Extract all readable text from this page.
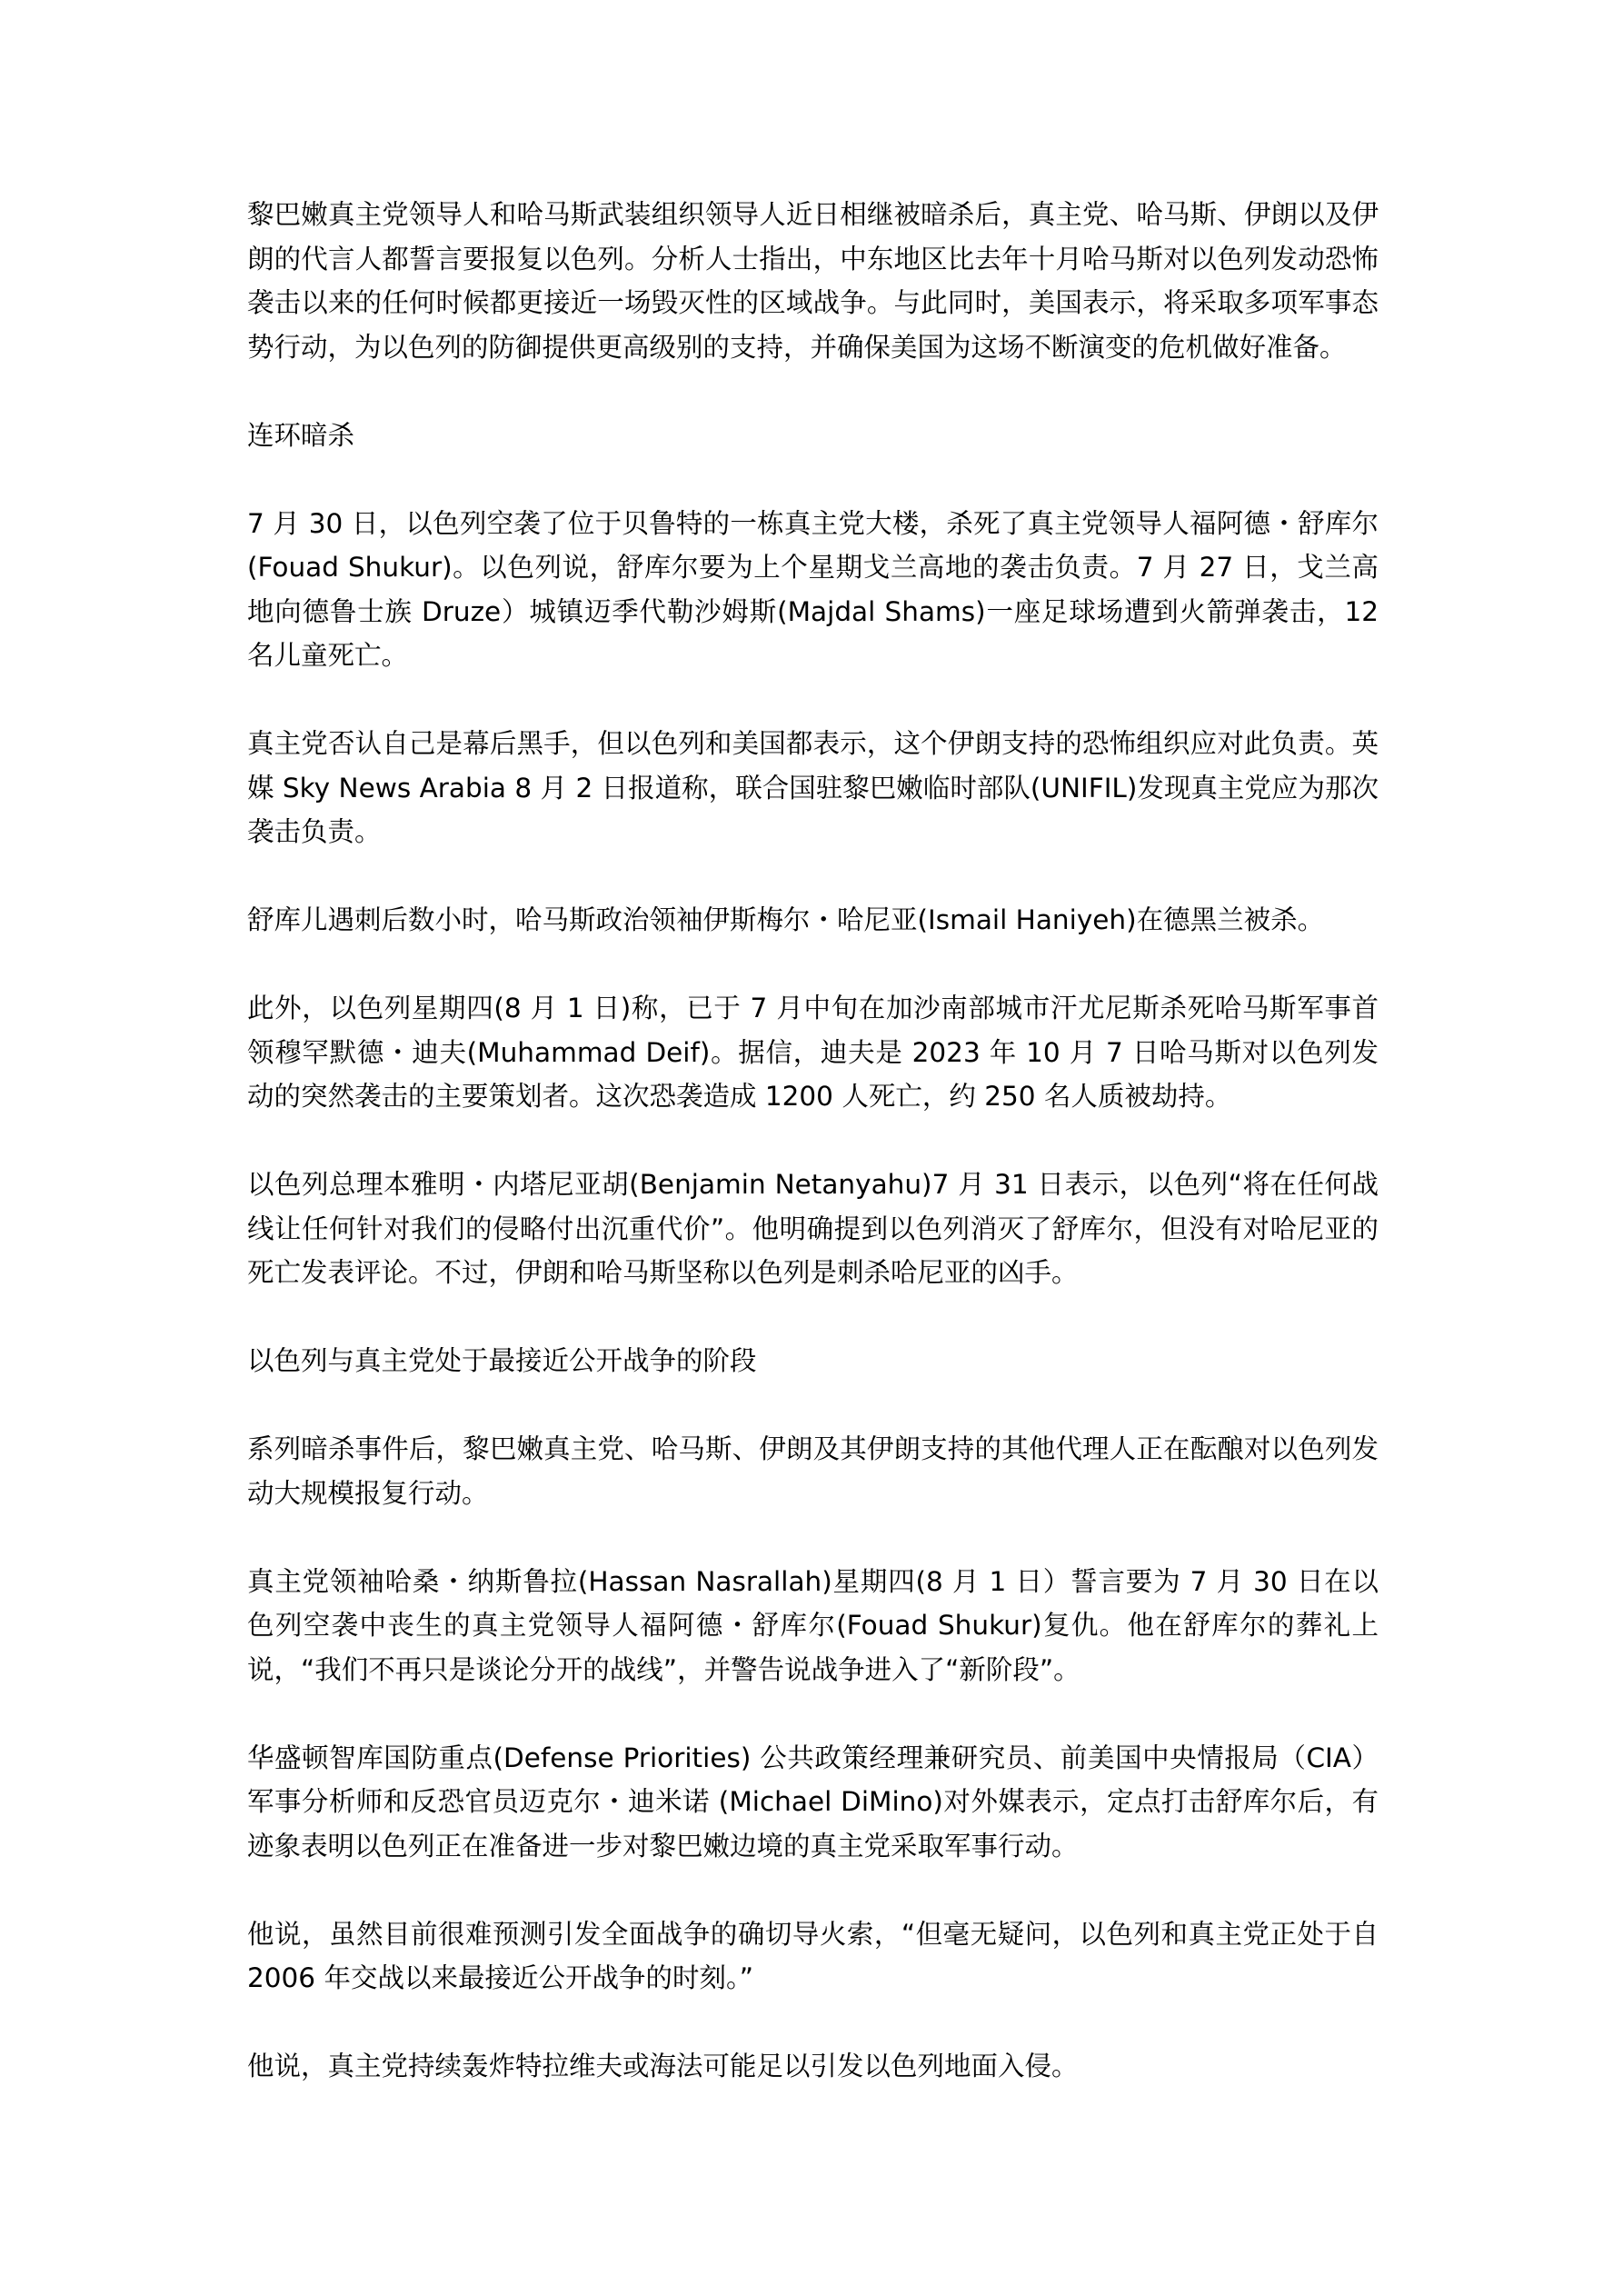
黎巴嫩真主党领导人和哈马斯武装组织领导人近日相继被暗杀后，真主党、哈马斯、伊朗以及伊朗的代言人都誓言要报复以色列。分析人士指出，中东地区比去年十月哈马斯对以色列发动恐怖袭击以来的任何时候都更接近一场毁灭性的区域战争。与此同时，美国表示，将采取多项军事态势行动，为以色列的防御提供更高级别的支持，并确保美国为这场不断演变的危机做好准备。

连环暗杀

7 月 30 日，以色列空袭了位于贝鲁特的一栋真主党大楼，杀死了真主党领导人福阿德・舒库尔(Fouad Shukur)。以色列说，舒库尔要为上个星期戈兰高地的袭击负责。7 月 27 日，戈兰高地向德鲁士族 Druze）城镇迈季代勒沙姆斯(Majdal Shams)一座足球场遭到火箭弹袭击，12 名儿童死亡。

真主党否认自己是幕后黑手，但以色列和美国都表示，这个伊朗支持的恐怖组织应对此负责。英媒 Sky News Arabia 8 月 2 日报道称，联合国驻黎巴嫩临时部队(UNIFIL)发现真主党应为那次袭击负责。

舒库儿遇刺后数小时，哈马斯政治领袖伊斯梅尔・哈尼亚(Ismail Haniyeh)在德黑兰被杀。

此外，以色列星期四(8 月 1 日)称，已于 7 月中旬在加沙南部城市汗尤尼斯杀死哈马斯军事首领穆罕默德・迪夫(Muhammad Deif)。据信，迪夫是 2023 年 10 月 7 日哈马斯对以色列发动的突然袭击的主要策划者。这次恐袭造成 1200 人死亡，约 250 名人质被劫持。

以色列总理本雅明・内塔尼亚胡(Benjamin Netanyahu)7 月 31 日表示，以色列“将在任何战线让任何针对我们的侵略付出沉重代价”。他明确提到以色列消灭了舒库尔，但没有对哈尼亚的死亡发表评论。不过，伊朗和哈马斯坚称以色列是刺杀哈尼亚的凶手。

以色列与真主党处于最接近公开战争的阶段

系列暗杀事件后，黎巴嫩真主党、哈马斯、伊朗及其伊朗支持的其他代理人正在酝酿对以色列发动大规模报复行动。

真主党领袖哈桑・纳斯鲁拉(Hassan Nasrallah)星期四(8 月 1 日）誓言要为 7 月 30 日在以色列空袭中丧生的真主党领导人福阿德・舒库尔(Fouad Shukur)复仇。他在舒库尔的葬礼上说，“我们不再只是谈论分开的战线”，并警告说战争进入了“新阶段”。

华盛顿智库国防重点(Defense Priorities) 公共政策经理兼研究员、前美国中央情报局（CIA）军事分析师和反恐官员迈克尔・迪米诺 (Michael DiMino)对外媒表示，定点打击舒库尔后，有迹象表明以色列正在准备进一步对黎巴嫩边境的真主党采取军事行动。

他说，虽然目前很难预测引发全面战争的确切导火索，“但毫无疑问，以色列和真主党正处于自 2006 年交战以来最接近公开战争的时刻。”

他说，真主党持续轰炸特拉维夫或海法可能足以引发以色列地面入侵。
